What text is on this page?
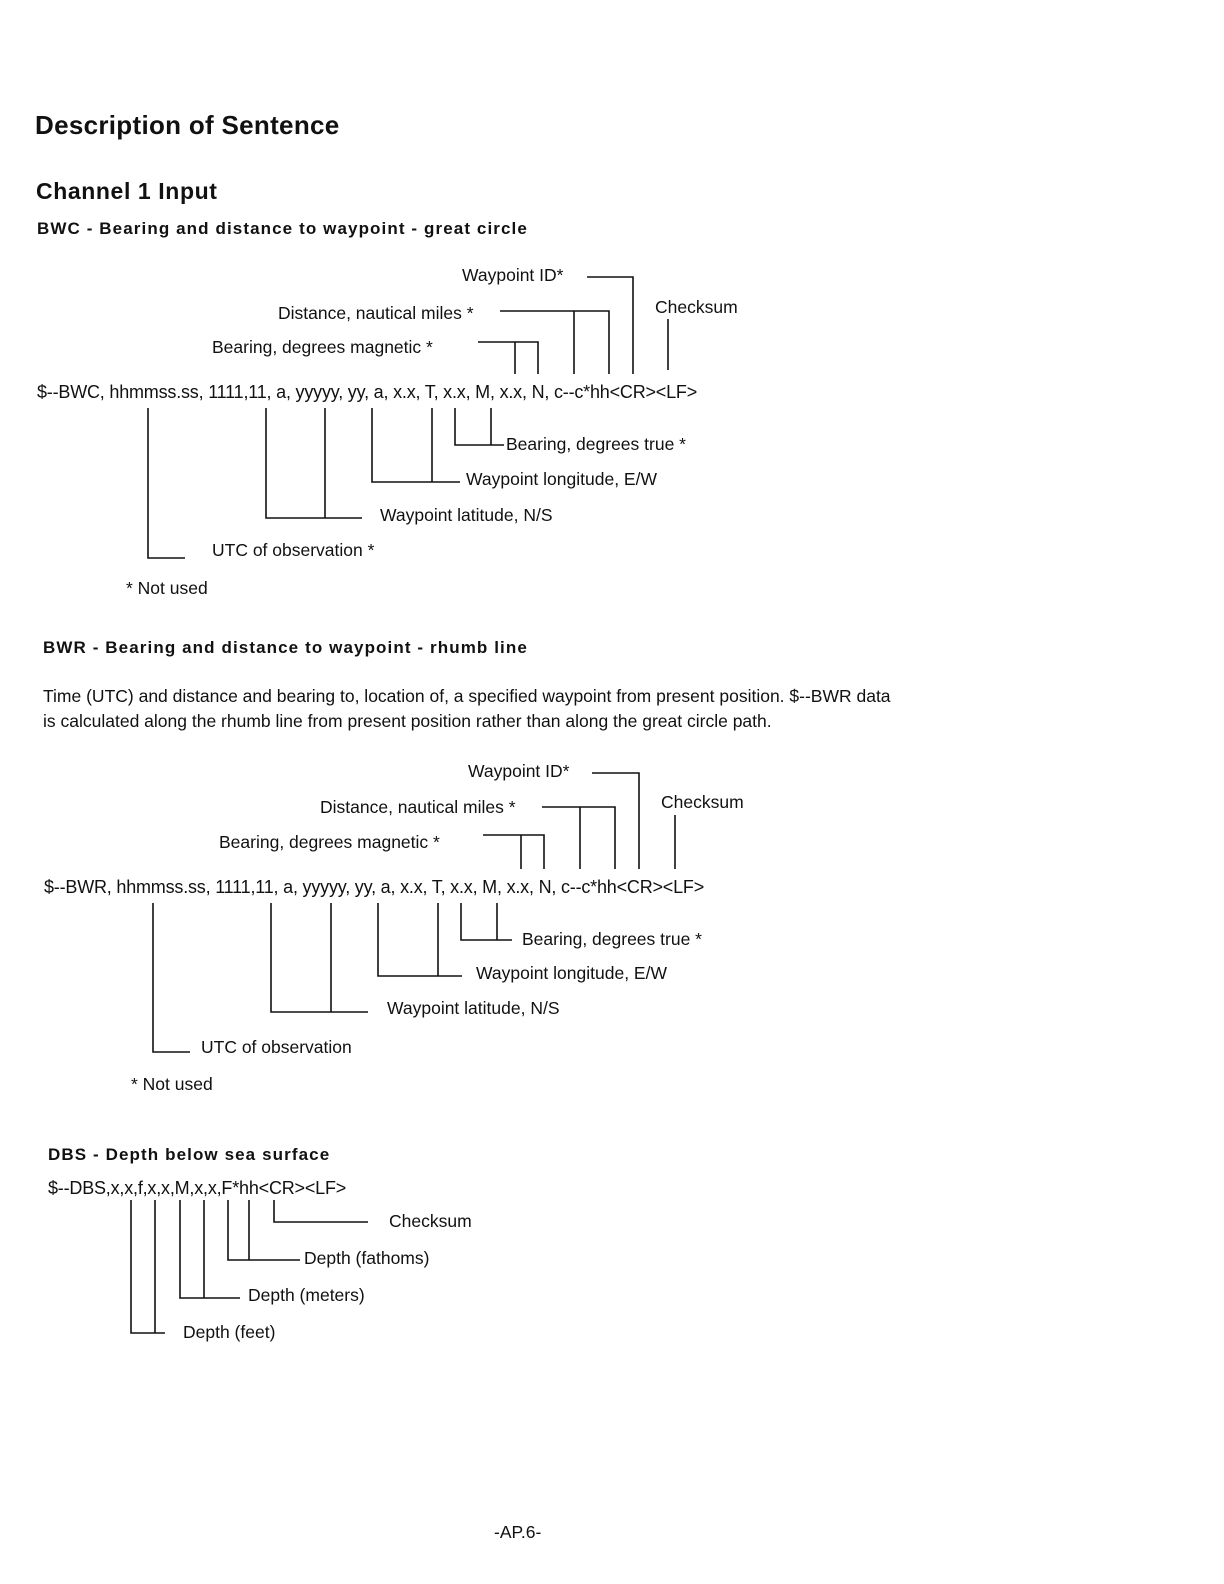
Description of Sentence
Channel 1 Input
BWC - Bearing and distance to waypoint - great circle
Waypoint ID*
Distance, nautical miles *	Checksum
Bearing, degrees magnetic *
$--BWC, hhmmss.ss, 1111,11, a, yyyyy, yy, a, x.x, T, x.x, M, x.x, N, c--c*hh<CR><LF>
Bearing, degrees true *
Waypoint longitude, E/W
Waypoint latitude, N/S
UTC of observation *
* Not used
BWR - Bearing and distance to waypoint - rhumb line
Time (UTC) and distance and bearing to, location of, a specified waypoint from present position. $--BWR data
is calculated along the rhumb line from present position rather than along the great circle path.
Waypoint ID*
Distance, nautical miles *	Checksum
Bearing, degrees magnetic *
$--BWR, hhmmss.ss, 1111,11, a, yyyyy, yy, a, x.x, T, x.x, M, x.x, N, c--c*hh<CR><LF>
Bearing, degrees true *
Waypoint longitude, E/W
Waypoint latitude, N/S
UTC of observation
* Not used
DBS - Depth below sea surface
$--DBS,x,x,f,x,x,M,x,x,F*hh<CR><LF>
Checksum
Depth (fathoms)
Depth (meters)
Depth (feet)
-AP.6-
